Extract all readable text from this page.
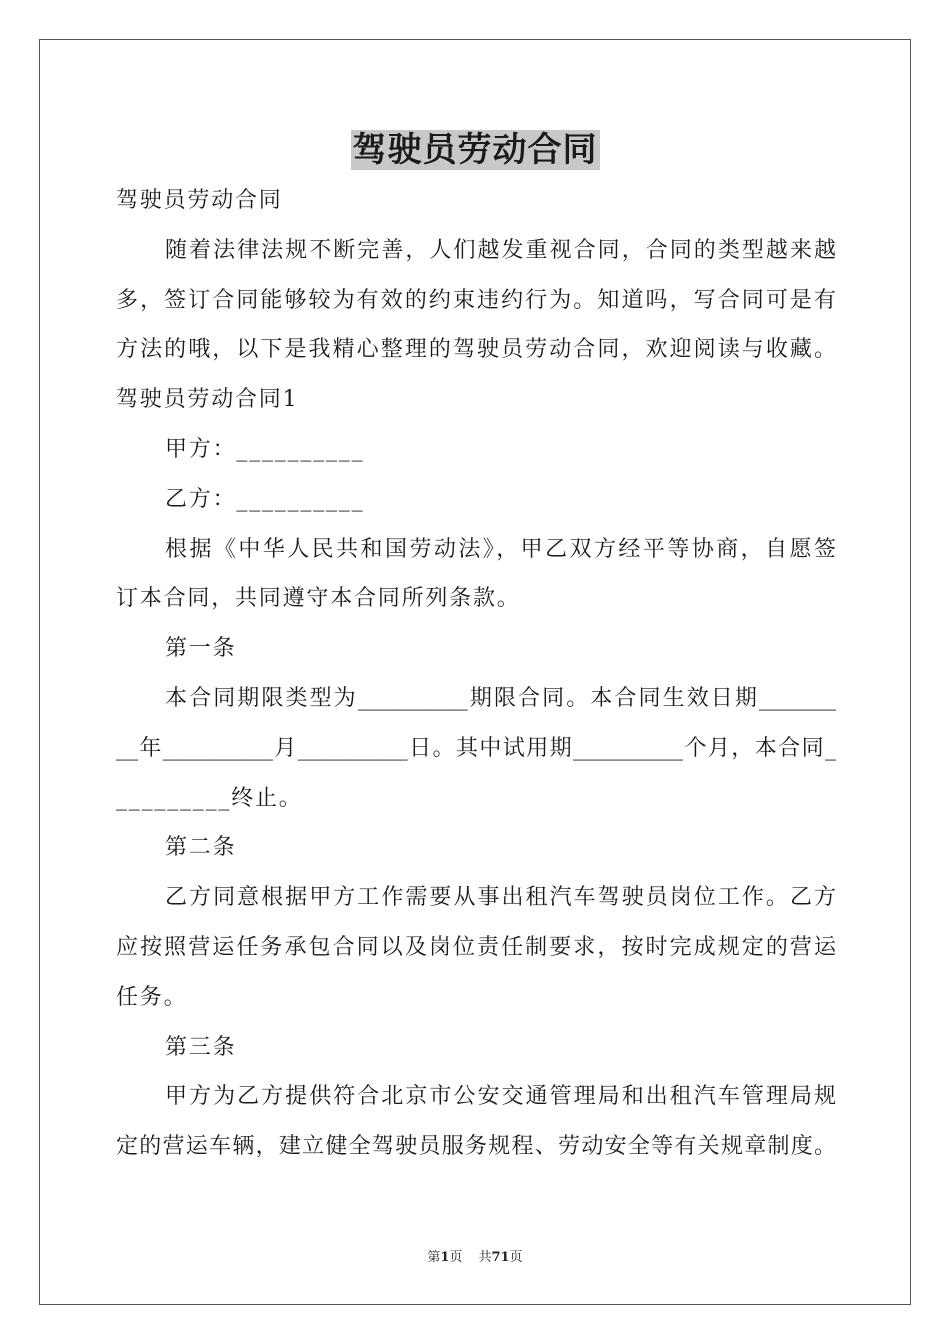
驾驶员劳动合同
驾驶员劳动合同
随着法律法规不断完善，人们越发重视合同，合同的类型越来越
多，签订合同能够较为有效的约束违约行为。知道吗，写合同可是有
方法的哦，以下是我精心整理的驾驶员劳动合同，欢迎阅读与收藏。
驾驶员劳动合同1
甲方：__________
乙方：__________
根据《中华人民共和国劳动法》，甲乙双方经平等协商，自愿签
订本合同，共同遵守本合同所列条款。
第一条
本合同期限类型为__________期限合同。本合同生效日期_______
__年__________月__________日。其中试用期__________个月，本合同_
_________终止。
第二条
乙方同意根据甲方工作需要从事出租汽车驾驶员岗位工作。乙方
应按照营运任务承包合同以及岗位责任制要求，按时完成规定的营运
任务。
第三条
甲方为乙方提供符合北京市公安交通管理局和出租汽车管理局规
定的营运车辆，建立健全驾驶员服务规程、劳动安全等有关规章制度。
第1页 共71页
